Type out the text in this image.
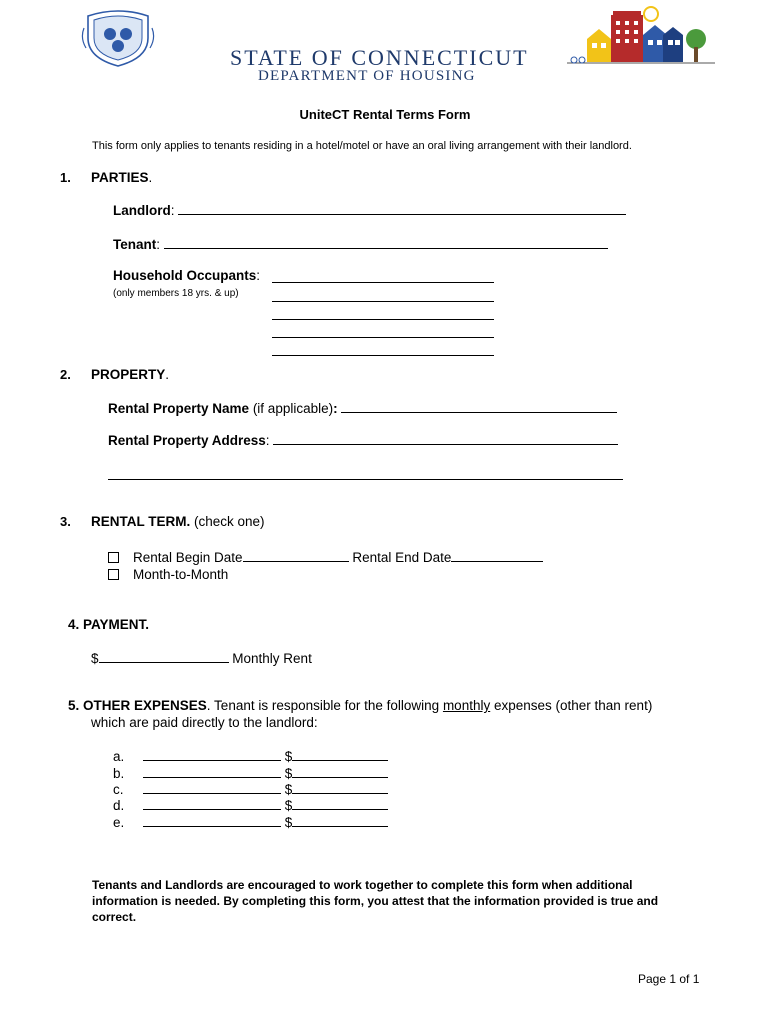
STATE OF CONNECTICUT
DEPARTMENT OF HOUSING
UniteCT Rental Terms Form
This form only applies to tenants residing in a hotel/motel or have an oral living arrangement with their landlord.
1. PARTIES.
Landlord:
Tenant:
Household Occupants:
(only members 18 yrs. & up)
2. PROPERTY.
Rental Property Name (if applicable):
Rental Property Address:
3. RENTAL TERM. (check one)
Rental Begin Date	Rental End Date
Month-to-Month
4. PAYMENT.
$	Monthly Rent
5. OTHER EXPENSES. Tenant is responsible for the following monthly expenses (other than rent)
which are paid directly to the landlord:
a.	$
b.	$
c.	$
d.	$
e.	$
Tenants and Landlords are encouraged to work together to complete this form when additional information is needed. By completing this form, you attest that the information provided is true and correct.
Page 1 of 1
